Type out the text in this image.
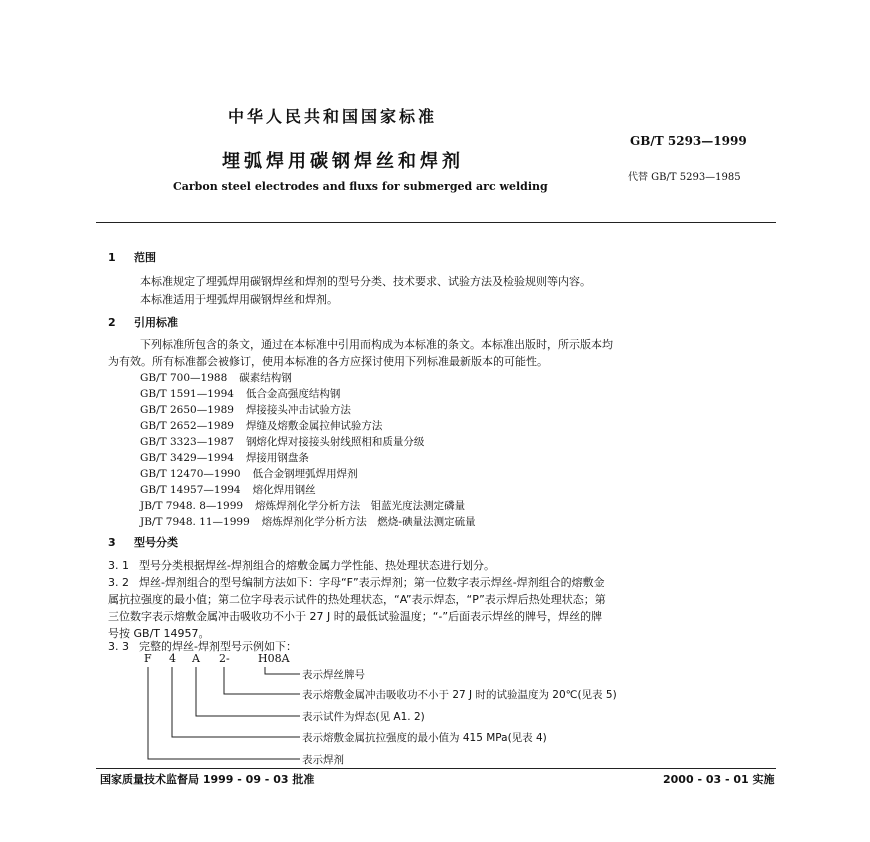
中华人民共和国国家标准
GB/T 5293—1999
埋弧焊用碳钢焊丝和焊剂
代替 GB/T 5293—1985
Carbon steel electrodes and fluxs for submerged arc welding
1 范围
本标准规定了埋弧焊用碳钢焊丝和焊剂的型号分类、技术要求、试验方法及检验规则等内容。
本标准适用于埋弧焊用碳钢焊丝和焊剂。
2 引用标准
下列标准所包含的条文，通过在本标准中引用而构成为本标准的条文。本标准出版时，所示版本均
为有效。所有标准都会被修订，使用本标准的各方应探讨使用下列标准最新版本的可能性。
GB/T 700—1988 碳素结构钢
GB/T 1591—1994 低合金高强度结构钢
GB/T 2650—1989 焊接接头冲击试验方法
GB/T 2652—1989 焊缝及熔敷金属拉伸试验方法
GB/T 3323—1987 钢熔化焊对接接头射线照相和质量分级
GB/T 3429—1994 焊接用钢盘条
GB/T 12470—1990 低合金钢埋弧焊用焊剂
GB/T 14957—1994 熔化焊用钢丝
JB/T 7948. 8—1999 熔炼焊剂化学分析方法　钼蓝光度法测定磷量
JB/T 7948. 11—1999 熔炼焊剂化学分析方法　燃烧-碘量法测定硫量
3 型号分类
3. 1 型号分类根据焊丝-焊剂组合的熔敷金属力学性能、热处理状态进行划分。
3. 2 焊丝-焊剂组合的型号编制方法如下：字母“F”表示焊剂；第一位数字表示焊丝-焊剂组合的熔敷金
属抗拉强度的最小值；第二位字母表示试件的热处理状态，“A”表示焊态，“P”表示焊后热处理状态；第
三位数字表示熔敷金属冲击吸收功不小于 27 J 时的最低试验温度；“-”后面表示焊丝的牌号，焊丝的牌
号按 GB/T 14957。
3. 3 完整的焊丝-焊剂型号示例如下：
F 4 A 2-	H08A
表示焊丝牌号
表示熔敷金属冲击吸收功不小于 27 J 时的试验温度为 20℃(见表 5)
表示试件为焊态(见 A1. 2)
表示熔敷金属抗拉强度的最小值为 415 MPa(见表 4)
表示焊剂
国家质量技术监督局 1999 - 09 - 03 批准	2000 - 03 - 01 实施
